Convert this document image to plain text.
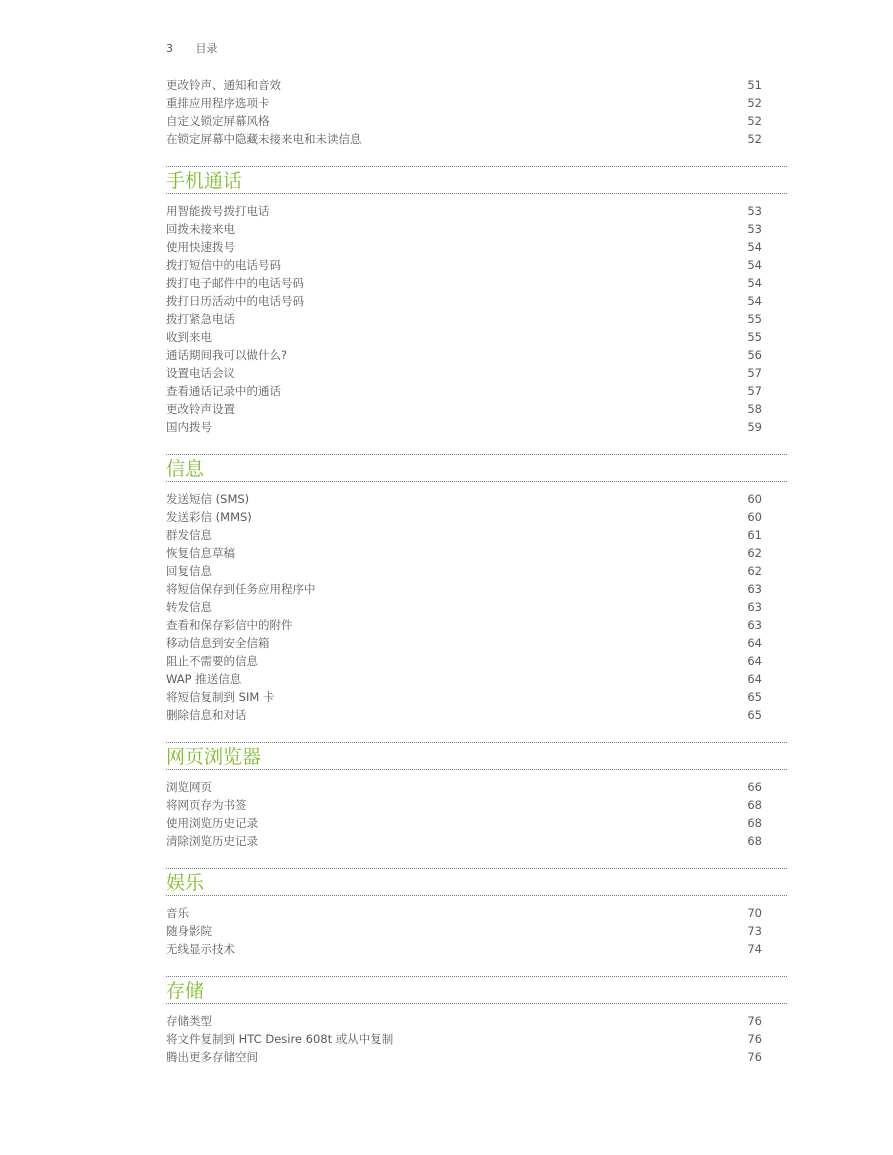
3 目录
更改铃声、通知和音效	51
重排应用程序选项卡	52
自定义锁定屏幕风格	52
在锁定屏幕中隐藏未接来电和未读信息	52
手机通话
用智能拨号拨打电话	53
回拨未接来电	53
使用快速拨号	54
拨打短信中的电话号码	54
拨打电子邮件中的电话号码	54
拨打日历活动中的电话号码	54
拨打紧急电话	55
收到来电	55
通话期间我可以做什么?	56
设置电话会议	57
查看通话记录中的通话	57
更改铃声设置	58
国内拨号	59
信息
发送短信 (SMS)	60
发送彩信 (MMS)	60
群发信息	61
恢复信息草稿	62
回复信息	62
将短信保存到任务应用程序中	63
转发信息	63
查看和保存彩信中的附件	63
移动信息到安全信箱	64
阻止不需要的信息	64
WAP 推送信息	64
将短信复制到 SIM 卡	65
删除信息和对话	65
网页浏览器
浏览网页	66
将网页存为书签	68
使用浏览历史记录	68
清除浏览历史记录	68
娱乐
音乐	70
随身影院	73
无线显示技术	74
存储
存储类型	76
将文件复制到 HTC Desire 608t 或从中复制	76
腾出更多存储空间	76
